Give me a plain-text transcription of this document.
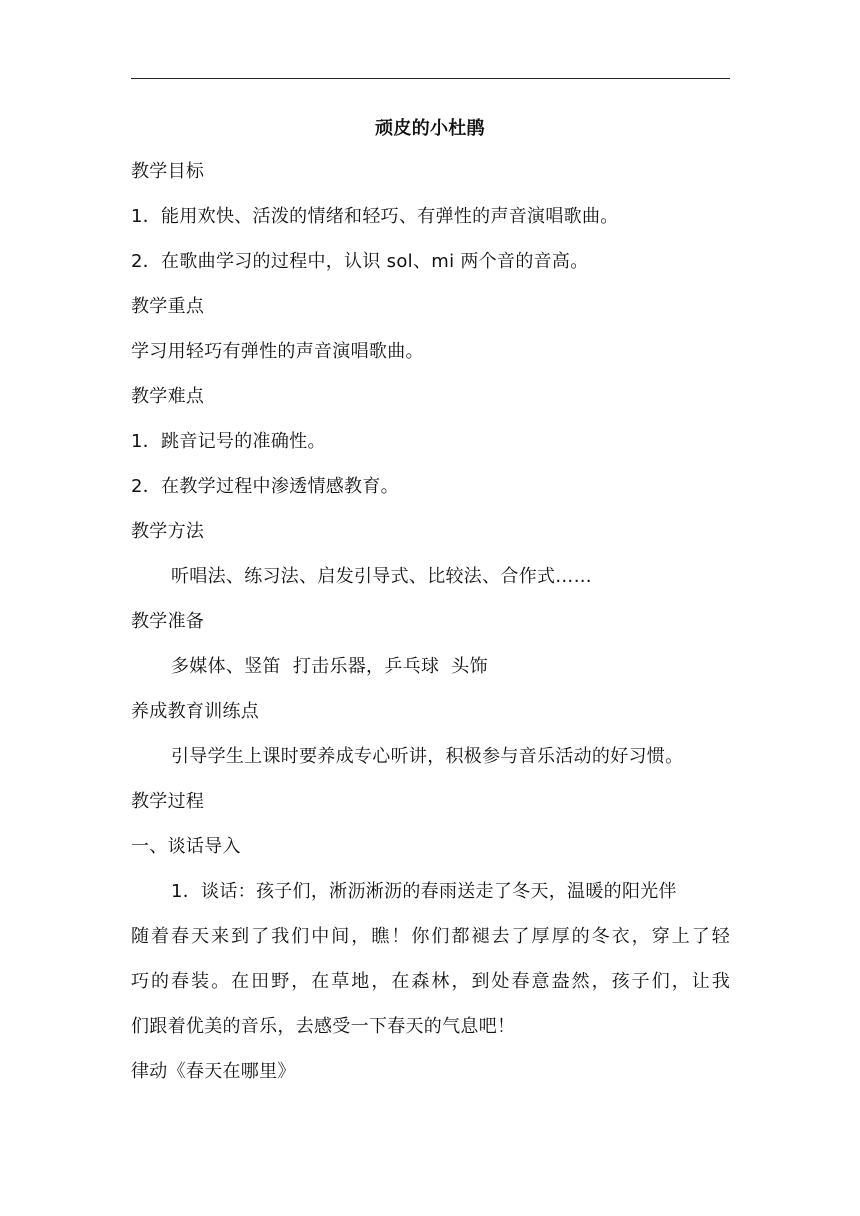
顽皮的小杜鹃
教学目标
1．能用欢快、活泼的情绪和轻巧、有弹性的声音演唱歌曲。
2．在歌曲学习的过程中，认识 sol、mi 两个音的音高。
教学重点
学习用轻巧有弹性的声音演唱歌曲。
教学难点
1．跳音记号的准确性。
2．在教学过程中渗透情感教育。
教学方法
听唱法、练习法、启发引导式、比较法、合作式……
教学准备
多媒体、竖笛  打击乐器，乒乓球  头饰
养成教育训练点
引导学生上课时要养成专心听讲，积极参与音乐活动的好习惯。
教学过程
一、谈话导入
1．谈话：孩子们，淅沥淅沥的春雨送走了冬天，温暖的阳光伴
随着春天来到了我们中间，瞧！你们都褪去了厚厚的冬衣，穿上了轻
巧的春装。在田野，在草地，在森林，到处春意盎然，孩子们，让我
们跟着优美的音乐，去感受一下春天的气息吧！
律动《春天在哪里》
